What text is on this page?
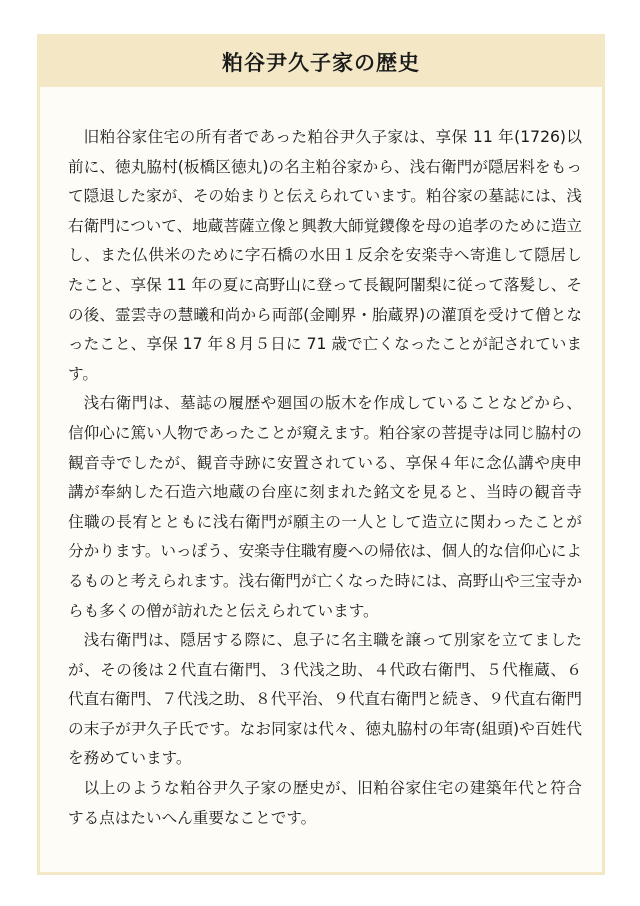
粕谷尹久子家の歴史

旧粕谷家住宅の所有者であった粕谷尹久子家は、享保 11 年(1726)以前に、徳丸脇村(板橋区徳丸)の名主粕谷家から、浅右衛門が隠居料をもって隠退した家が、その始まりと伝えられています。粕谷家の墓誌には、浅右衛門について、地蔵菩薩立像と興教大師覚鑁像を母の追孝のために造立し、また仏供米のために字石橋の水田１反余を安楽寺へ寄進して隠居したこと、享保 11 年の夏に高野山に登って長観阿闍梨に従って落髪し、その後、霊雲寺の慧曦和尚から両部(金剛界・胎蔵界)の灌頂を受けて僧となったこと、享保 17 年８月５日に 71 歳で亡くなったことが記されています。

浅右衛門は、墓誌の履歴や廻国の版木を作成していることなどから、信仰心に篤い人物であったことが窺えます。粕谷家の菩提寺は同じ脇村の観音寺でしたが、観音寺跡に安置されている、享保４年に念仏講や庚申講が奉納した石造六地蔵の台座に刻まれた銘文を見ると、当時の観音寺住職の長宥とともに浅右衛門が願主の一人として造立に関わったことが分かります。いっぽう、安楽寺住職宥慶への帰依は、個人的な信仰心によるものと考えられます。浅右衛門が亡くなった時には、高野山や三宝寺からも多くの僧が訪れたと伝えられています。

浅右衛門は、隠居する際に、息子に名主職を譲って別家を立てましたが、その後は２代直右衛門、３代浅之助、４代政右衛門、５代権蔵、６代直右衛門、７代浅之助、８代平治、９代直右衛門と続き、９代直右衛門の末子が尹久子氏です。なお同家は代々、徳丸脇村の年寄(組頭)や百姓代を務めています。

以上のような粕谷尹久子家の歴史が、旧粕谷家住宅の建築年代と符合する点はたいへん重要なことです。
